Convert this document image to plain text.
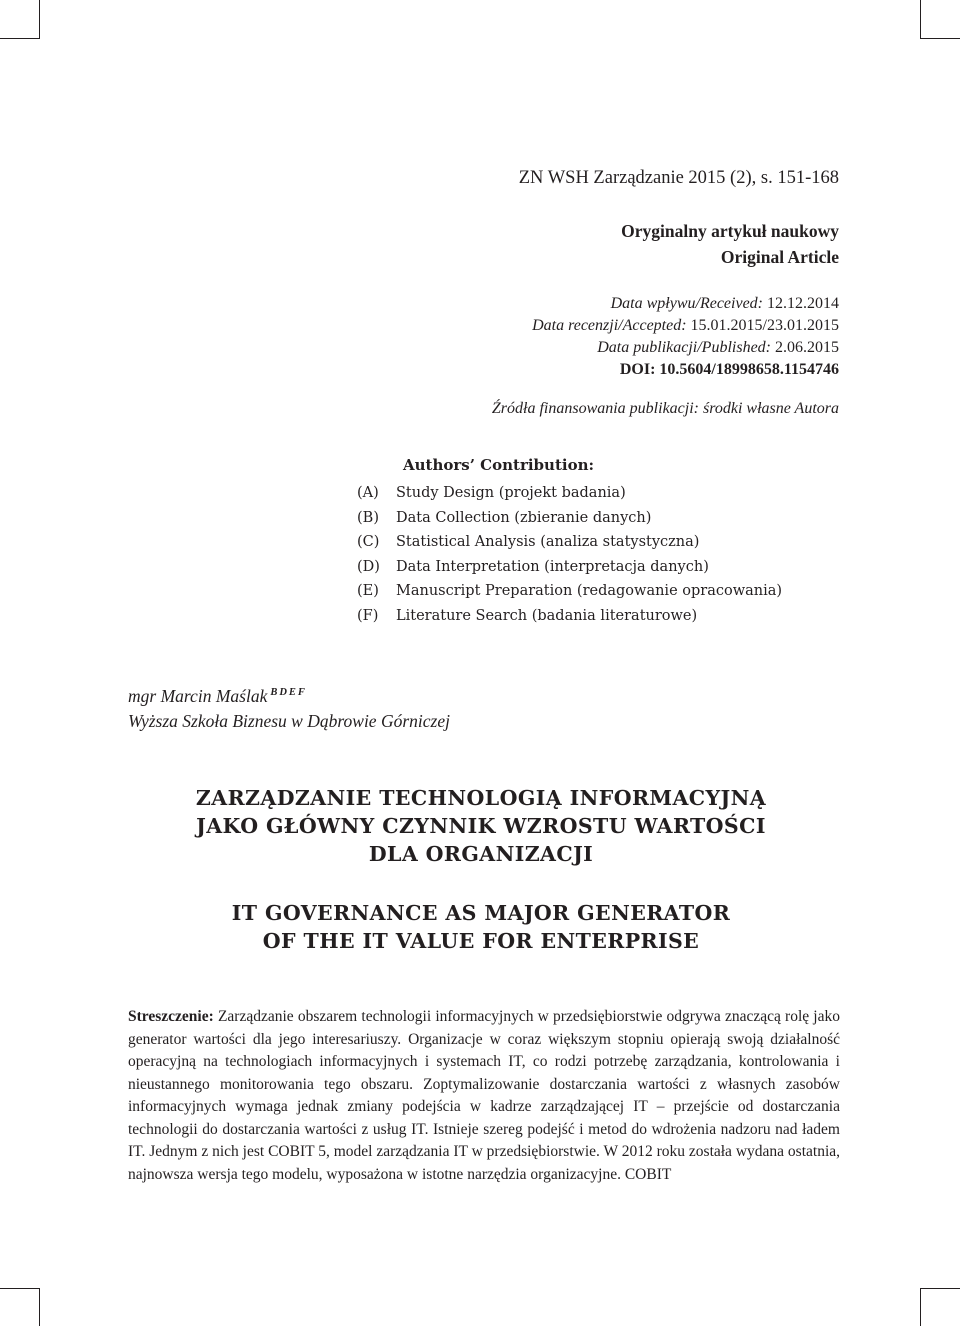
ZN WSH Zarządzanie 2015 (2), s. 151-168
Oryginalny artykuł naukowy
Original Article
Data wpływu/Received: 12.12.2014
Data recenzji/Accepted: 15.01.2015/23.01.2015
Data publikacji/Published: 2.06.2015
DOI: 10.5604/18998658.1154746
Źródła finansowania publikacji: środki własne Autora
Authors’ Contribution:
(A)	Study Design (projekt badania)
(B)	Data Collection (zbieranie danych)
(C)	Statistical Analysis (analiza statystyczna)
(D)	Data Interpretation (interpretacja danych)
(E)	Manuscript Preparation (redagowanie opracowania)
(F)	Literature Search (badania literaturowe)
mgr Marcin Maślak $^{BDEF}$
Wyższa Szkoła Biznesu w Dąbrowie Górniczej
ZARZĄDZANIE TECHNOLOGIĄ INFORMACYJNĄ
JAKO GŁÓWNY CZYNNIK WZROSTU WARTOŚCI
DLA ORGANIZACJI
IT GOVERNANCE AS MAJOR GENERATOR
OF THE IT VALUE FOR ENTERPRISE
Streszczenie: Zarządzanie obszarem technologii informacyjnych w przedsiębiorstwie odgrywa znaczącą rolę jako generator wartości dla jego interesariuszy. Organizacje w coraz większym stopniu opierają swoją działalność operacyjną na technologiach informacyjnych i systemach IT, co rodzi potrzebę zarządzania, kontrolowania i nieustannego monitorowania tego obszaru. Zoptymalizowanie dostarczania wartości z własnych zasobów informacyjnych wymaga jednak zmiany podejścia w kadrze zarządzającej IT – przejście od dostarczania technologii do dostarczania wartości z usług IT. Istnieje szereg podejść i metod do wdrożenia nadzoru nad ładem IT. Jednym z nich jest COBIT 5, model zarządzania IT w przedsiębiorstwie. W 2012 roku została wydana ostatnia, najnowsza wersja tego modelu, wyposażona w istotne narzędzia organizacyjne. COBIT
